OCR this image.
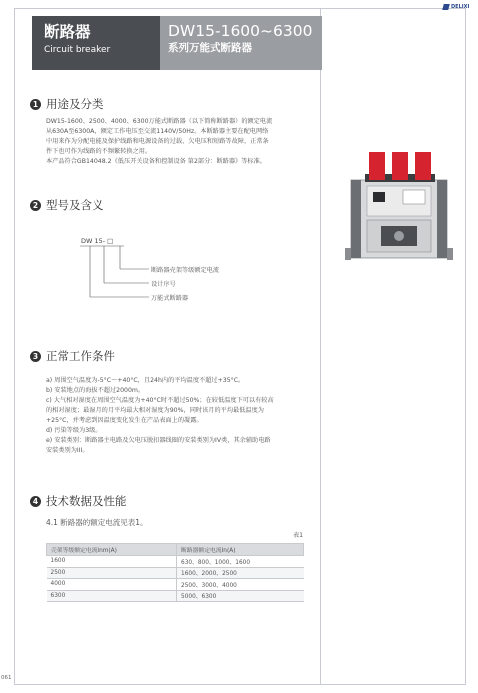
DELIXI
断路器
Circuit breaker
DW15-1600~6300
系列万能式断路器
1 用途及分类
DW15-1600、2500、4000、6300万能式断路器（以下简称断路器）的额定电流
从630A至6300A，额定工作电压至交流1140V/50Hz。本断路器主要在配电网络
中用来作为分配电能及保护线路和电源设备的过载、欠电压和短路等故障，正常条
件下也可作为线路的不频繁转换之用。
本产品符合GB14048.2《低压开关设备和控制设备 第2部分：断路器》等标准。
2 型号及含义
DW 15- □
断路器壳架等级额定电流
设计序号
万能式断路器
3 正常工作条件
a) 周围空气温度为-5°C～+40°C，且24h内的平均温度不超过+35°C。
b) 安装地点的海拔不超过2000m。
c) 大气相对湿度在周围空气温度为+40°C时不超过50%；在较低温度下可以有较高
的相对湿度；最湿月的月平均最大相对湿度为90%，同时该月的平均最低温度为
+25°C，并考虑到因温度变化发生在产品表面上的凝露。
d) 污染等级为3级。
e) 安装类别：断路器主电路及欠电压脱扣器线圈的安装类别为IV类，其余辅助电路
安装类别为III。
4 技术数据及性能
4.1 断路器的额定电流见表1。
表1
壳架等级额定电流Inm(A)	断路器额定电流In(A)
1600	630、800、1000、1600
2500	1600、2000、2500
4000	2500、3000、4000
6300	5000、6300
061
